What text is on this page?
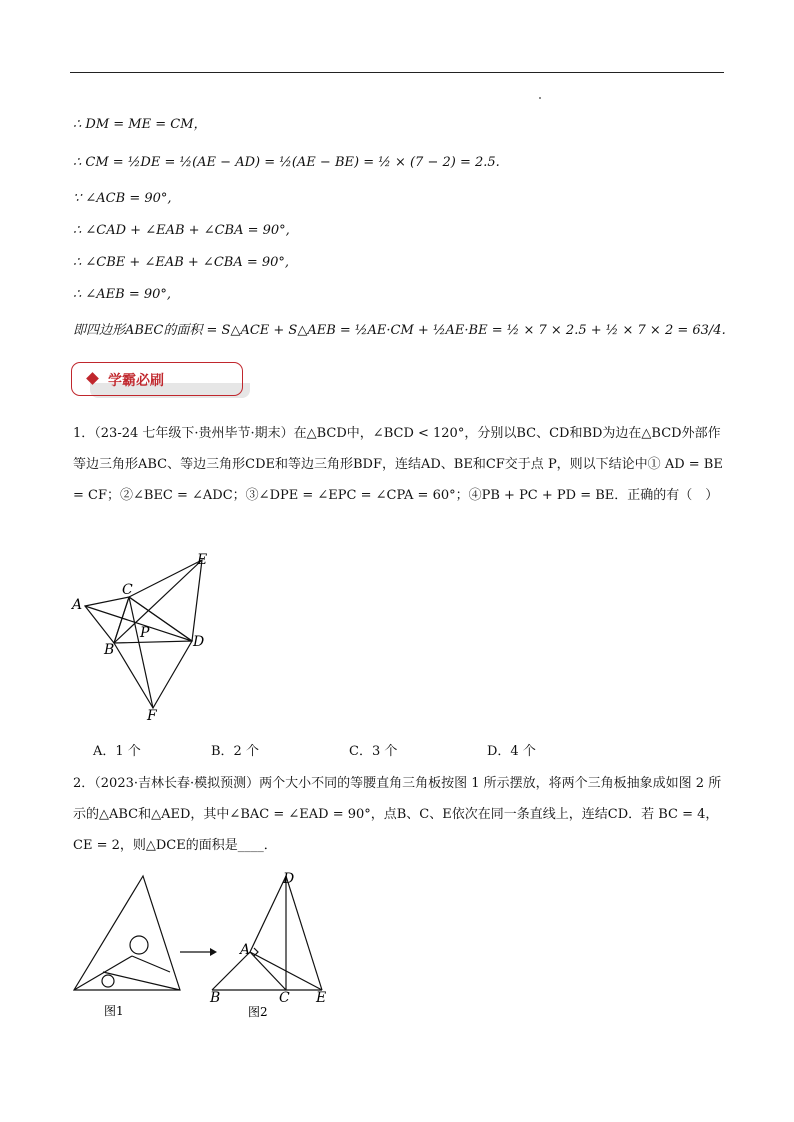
∴ DM = ME = CM，
∴ CM = ½DE = ½(AE − AD) = ½(AE − BE) = ½ × (7 − 2) = 2.5.
∵ ∠ACB = 90°,
∴ ∠CAD + ∠EAB + ∠CBA = 90°,
∴ ∠CBE + ∠EAB + ∠CBA = 90°,
∴ ∠AEB = 90°,
即四边形ABEC的面积 = S△ACE + S△AEB = ½AE·CM + ½AE·BE = ½ × 7 × 2.5 + ½ × 7 × 2 = 63/4.
学霸必刷
1．（23-24 七年级下·贵州毕节·期末）在△BCD中，∠BCD < 120°，分别以BC、CD和BD为边在△BCD外部作等边三角形ABC、等边三角形CDE和等边三角形BDF，连结AD、BE和CF交于点 P，则以下结论中① AD = BE = CF；②∠BEC = ∠ADC；③∠DPE = ∠EPC = ∠CPA = 60°；④PB + PC + PD = BE．正确的有（　）
E
C
A
P
D
B
F
A．1 个	B．2 个	C．3 个	D．4 个
2．（2023·吉林长春·模拟预测）两个大小不同的等腰直角三角板按图 1 所示摆放，将两个三角板抽象成如图 2 所示的△ABC和△AED，其中∠BAC = ∠EAD = 90°，点B、C、E依次在同一条直线上，连结CD．若 BC = 4，CE = 2，则△DCE的面积是____．
图1
D
A
B	C E
图2
